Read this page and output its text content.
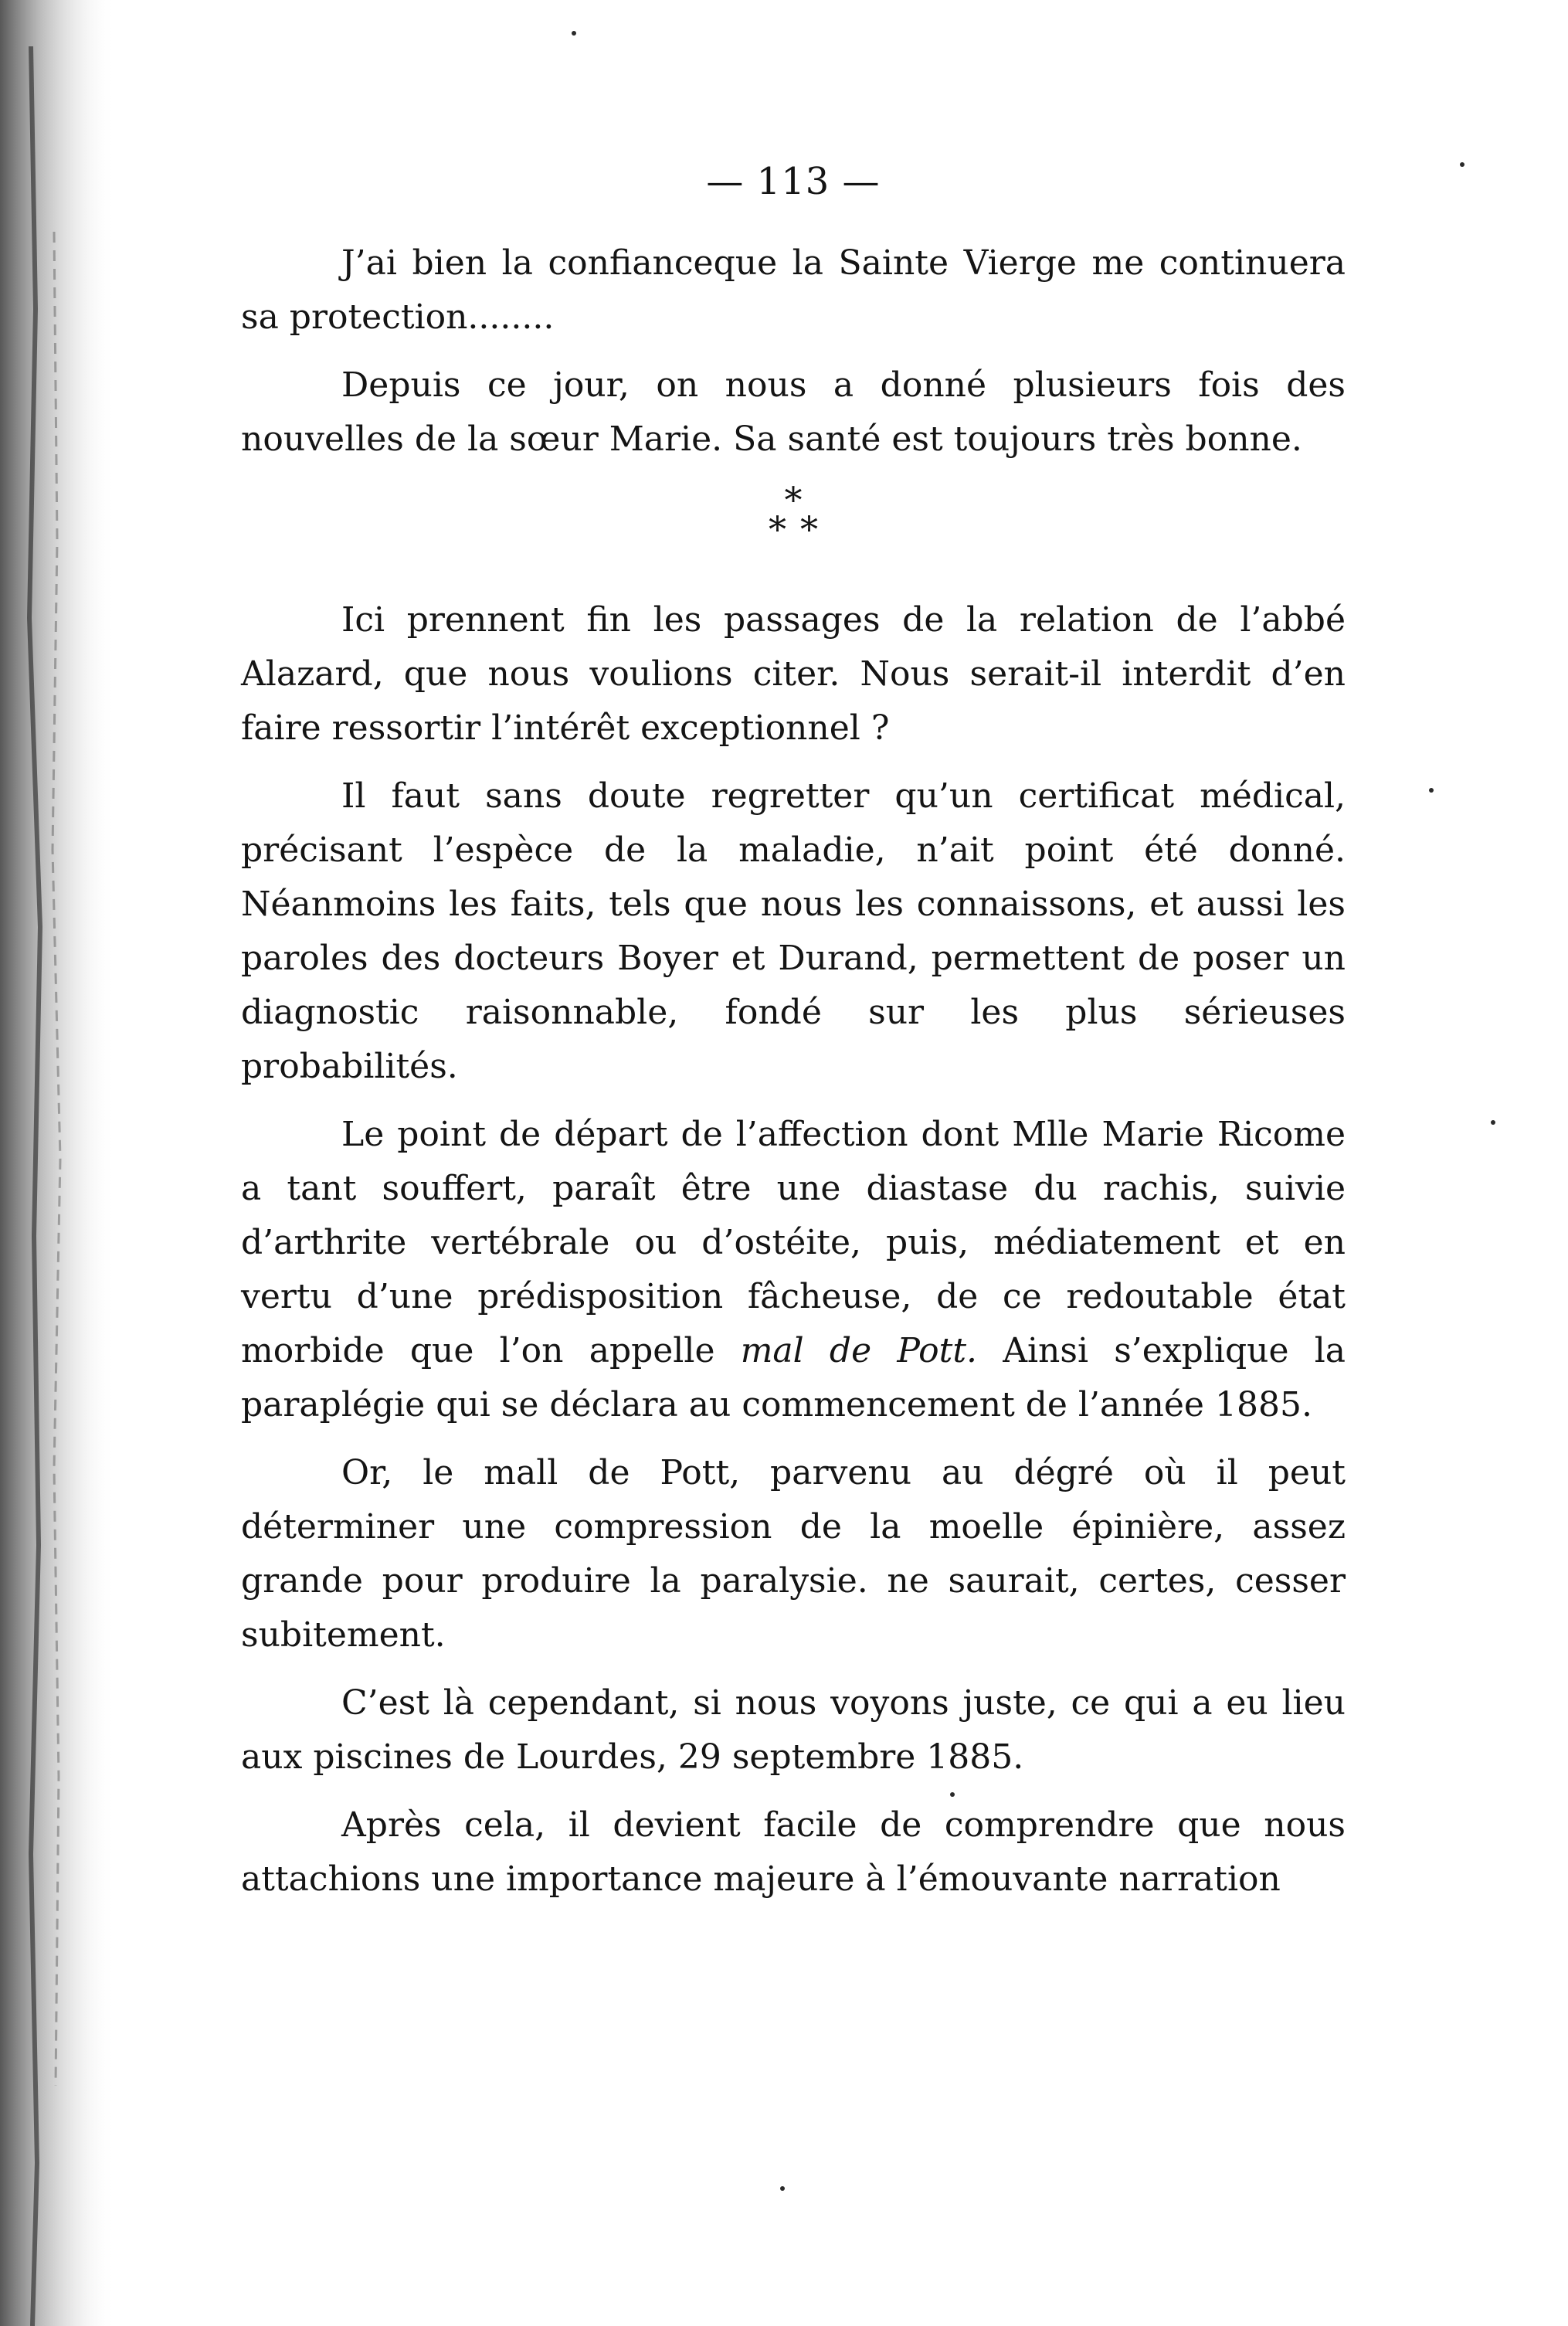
— 113 —

J’ai bien la confianceque la Sainte Vierge me continuera sa protection........

Depuis ce jour, on nous a donné plusieurs fois des nouvelles de la sœur Marie. Sa santé est toujours très bonne.

*
**

Ici prennent fin les passages de la relation de l’abbé Alazard, que nous voulions citer. Nous serait-il interdit d’en faire ressortir l’intérêt exceptionnel ?

Il faut sans doute regretter qu’un certificat médical, précisant l’espèce de la maladie, n’ait point été donné. Néanmoins les faits, tels que nous les connaissons, et aussi les paroles des docteurs Boyer et Durand, permettent de poser un diagnostic raisonnable, fondé sur les plus sérieuses probabilités.

Le point de départ de l’affection dont Mlle Marie Ricome a tant souffert, paraît être une diastase du rachis, suivie d’arthrite vertébrale ou d’ostéite, puis, médiatement et en vertu d’une prédisposition fâcheuse, de ce redoutable état morbide que l’on appelle mal de Pott. Ainsi s’explique la paraplégie qui se déclara au commencement de l’année 1885.

Or, le mall de Pott, parvenu au dégré où il peut déterminer une compression de la moelle épinière, assez grande pour produire la paralysie. ne saurait, certes, cesser subitement.

C’est là cependant, si nous voyons juste, ce qui a eu lieu aux piscines de Lourdes, 29 septembre 1885.

Après cela, il devient facile de comprendre que nous attachions une importance majeure à l’émouvante narration
